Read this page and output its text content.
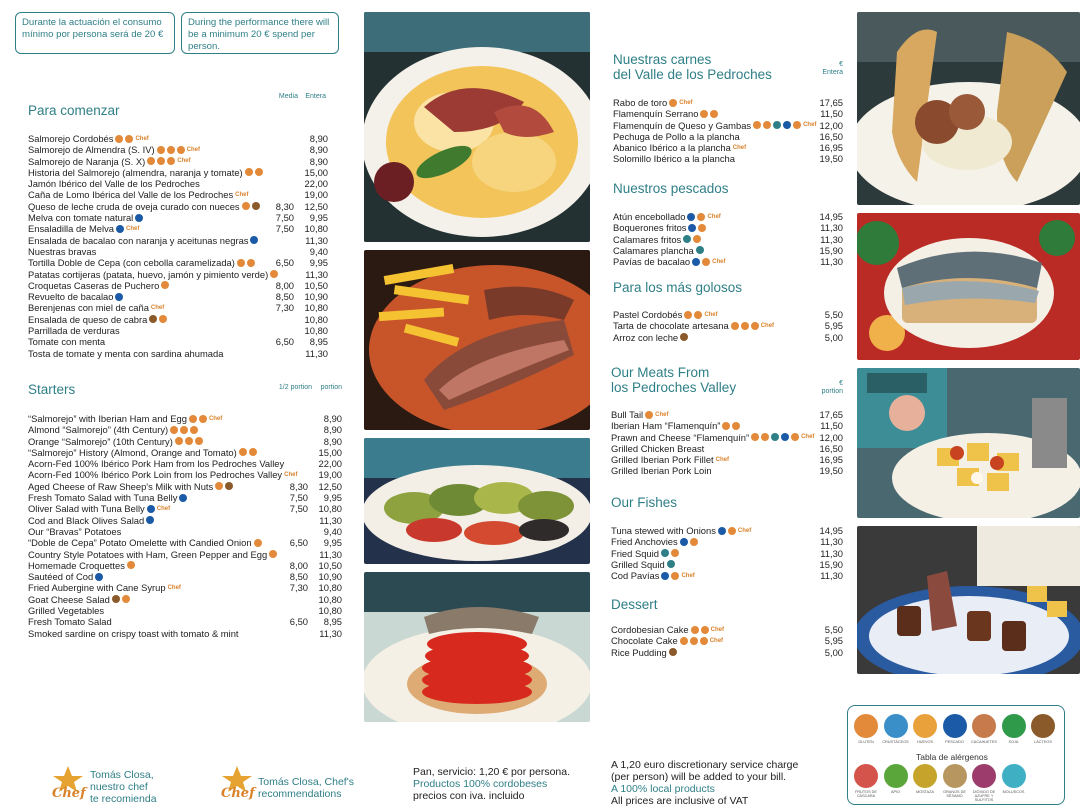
Durante la actuación el consumo mínimo por persona será de 20 €
During the performance there will be a minimum 20 € spend per person.
Para comenzar
Media	Entera
Salmorejo Cordobés	Chef	8,90
Salmorejo de Almendra (S. IV)	Chef	8,90
Salmorejo de Naranja (S. X)	Chef	8,90
Historia del Salmorejo (almendra, naranja y tomate)	15,00
Jamón Ibérico del Valle de los Pedroches	22,00
Caña de Lomo Ibérica del Valle de los Pedroches Chef	19,00
Queso de leche cruda de oveja curado con nueces	8,30	12,50
Melva con tomate natural	7,50	9,95
Ensaladilla de Melva Chef	7,50	10,80
Ensalada de bacalao con naranja y aceitunas negras	11,30
Nuestras bravas	9,40
Tortilla Doble de Cepa (con cebolla caramelizada)	6,50	9,95
Patatas cortijeras (patata, huevo, jamón y pimiento verde)	11,30
Croquetas Caseras de Puchero	8,00	10,50
Revuelto de bacalao	8,50	10,90
Berenjenas con miel de caña Chef	7,30	10,80
Ensalada de queso de cabra	10,80
Parrillada de verduras	10,80
Tomate con menta	6,50	8,95
Tosta de tomate y menta con sardina ahumada	11,30
Starters	1/2 portion	portion
“Salmorejo” with Iberian Ham and Egg	Chef	8,90
Almond “Salmorejo” (4th Century)	8,90
Orange “Salmorejo” (10th Century)	8,90
“Salmorejo” History (Almond, Orange and Tomato)	15,00
Acorn-Fed 100% Ibérico Pork Ham from los Pedroches Valley	22,00
Acorn-Fed 100% Ibérico Pork Loin from los Pedroches Valley Chef	19,00
Aged Cheese of Raw Sheep's Milk with Nuts	8,30	12,50
Fresh Tomato Salad with Tuna Belly	7,50	9,95
Oliver Salad with Tuna Belly Chef	7,50	10,80
Cod and Black Olives Salad	11,30
Our “Bravas” Potatoes	9,40
“Doble de Cepa” Potato Omelette with Candied Onion	6,50	9,95
Country Style Potatoes with Ham, Green Pepper and Egg	11,30
Homemade Croquettes	8,00	10,50
Sautéed of Cod	8,50	10,90
Fried Aubergine with Cane Syrup Chef	7,30	10,80
Goat Cheese Salad	10,80
Grilled Vegetables	10,80
Fresh Tomato Salad	6,50	8,95
Smoked sardine on crispy toast with tomato & mint	11,30
Nuestras carnes
del Valle de los Pedroches
€
Entera
Rabo de toro Chef	17,65
Flamenquín Serrano	11,50
Flamenquín de Queso y Gambas	Chef 12,00
Pechuga de Pollo a la plancha	16,50
Abanico Ibérico a la plancha Chef	16,95
Solomillo Ibérico a la plancha	19,50
Nuestros pescados
Atún encebollado	Chef	14,95
Boquerones fritos	11,30
Calamares fritos	11,30
Calamares plancha	15,90
Pavías de bacalao	Chef	11,30
Para los más golosos
Pastel Cordobés	Chef	5,50
Tarta de chocolate artesana	Chef	5,95
Arroz con leche	5,00
Our Meats From
los Pedroches Valley	€
portion
Bull Tail Chef	17,65
Iberian Ham “Flamenquín”	11,50
Prawn and Cheese “Flamenquín”	Chef 12,00
Grilled Chicken Breast	16,50
Grilled Iberian Pork Fillet Chef	16,95
Grilled Iberian Pork Loin	19,50
Our Fishes
Tuna stewed with Onions	Chef	14,95
Fried Anchovies	11,30
Fried Squid	11,30
Grilled Squid	15,90
Cod Pavías	Chef	11,30
Dessert
Cordobesian Cake	Chef	5,50
Chocolate Cake	Chef	5,95
Rice Pudding	5,00
Chef
Tomás Closa,
nuestro chef
te recomienda	Chef
Tomás Closa, Chef's
recommendations
Pan, servicio: 1,20 € por persona.
Productos 100% cordobeses
precios con iva. incluido
A 1,20 euro discretionary service charge
(per person) will be added to your bill.
A 100% local products
All prices are inclusive of VAT
GLUTEN	CRUSTÁCEOS	HUEVOS	PESCADO	CACAHUETES	SOJA	LÁCTEOS
Tabla de alérgenos
FRUTOS DE CÁSCARA
APIO	MOSTAZA	GRANOS DE SÉSAMO
DIÓXIDO DE AZUFRE Y SULFITOS
MOLUSCOS
